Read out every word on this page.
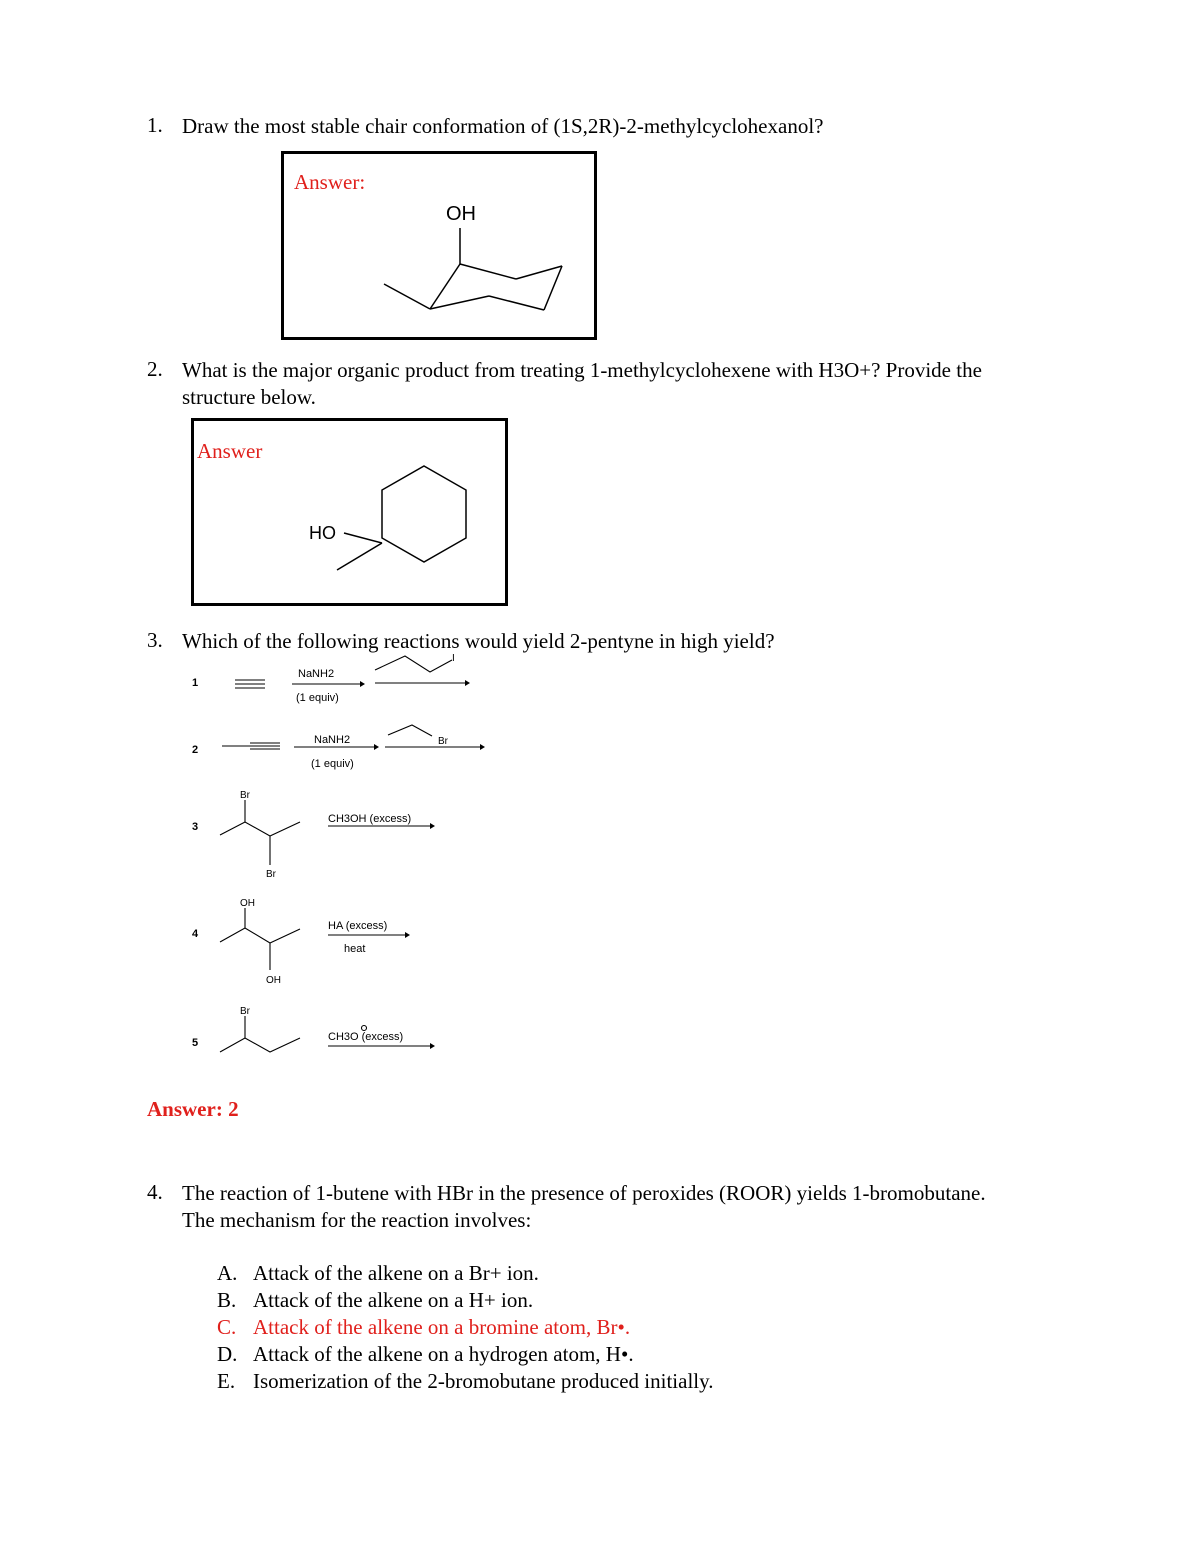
1. Draw the most stable chair conformation of (1S,2R)-2-methylcyclohexanol?
Answer:
OH
2. What is the major organic product from treating 1-methylcyclohexene with H3O+? Provide the
structure below.
Answer
HO
3. Which of the following reactions would yield 2-pentyne in high yield?
1
NaNH2
(1 equiv)
I
2
NaNH2
(1 equiv)
Br
3
Br
Br
CH3OH (excess)
4
OH
OH
HA (excess)
heat
5
Br
CH3O (excess)
Answer: 2
4. The reaction of 1-butene with HBr in the presence of peroxides (ROOR) yields 1-bromobutane.
The mechanism for the reaction involves:
A. Attack of the alkene on a Br+ ion.
B. Attack of the alkene on a H+ ion.
C. Attack of the alkene on a bromine atom, Br•.
D. Attack of the alkene on a hydrogen atom, H•.
E. Isomerization of the 2-bromobutane produced initially.
